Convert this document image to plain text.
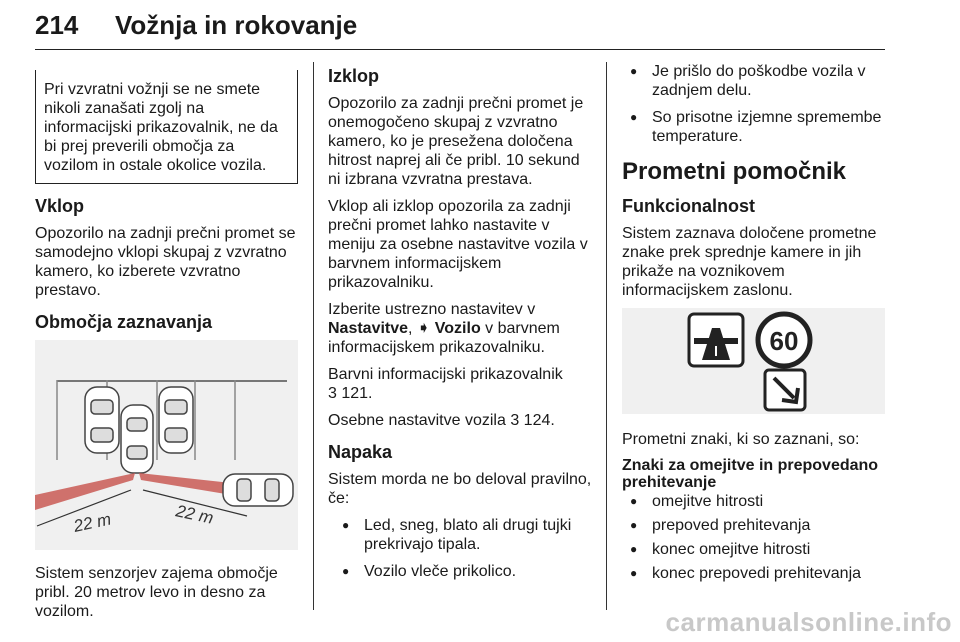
214 Vožnja in rokovanje
Pri vzvratni vožnji se ne smete nikoli zanašati zgolj na informacijski prikazovalnik, ne da bi prej preverili območja za vozilom in ostale okolice vozila.
Vklop
Opozorilo na zadnji prečni promet se samodejno vklopi skupaj z vzvratno kamero, ko izberete vzvratno prestavo.
Območja zaznavanja
22 m	22 m
Sistem senzorjev zajema območje pribl. 20 metrov levo in desno za vozilom.
Izklop
Opozorilo za zadnji prečni promet je onemogočeno skupaj z vzvratno kamero, ko je presežena določena hitrost naprej ali če pribl. 10 sekund ni izbrana vzvratna prestava.
Vklop ali izklop opozorila za zadnji prečni promet lahko nastavite v meniju za osebne nastavitve vozila v barvnem informacijskem prikazovalniku.
Izberite ustrezno nastavitev v
Nastavitve, ➧ Vozilo v barvnem informacijskem prikazovalniku.
Barvni informacijski prikazovalnik
3 121.
Osebne nastavitve vozila 3 124.
Napaka
Sistem morda ne bo deloval pravilno, če:
● Led, sneg, blato ali drugi tujki prekrivajo tipala.
● Vozilo vleče prikolico.
● Je prišlo do poškodbe vozila v zadnjem delu.
● So prisotne izjemne spremembe temperature.
Prometni pomočnik
Funkcionalnost
Sistem zaznava določene prometne znake prek sprednje kamere in jih prikaže na voznikovem informacijskem zaslonu.
60
Prometni znaki, ki so zaznani, so:
Znaki za omejitve in prepovedano prehitevanje
● omejitve hitrosti
● prepoved prehitevanja
● konec omejitve hitrosti
● konec prepovedi prehitevanja
carmanualsonline.info
